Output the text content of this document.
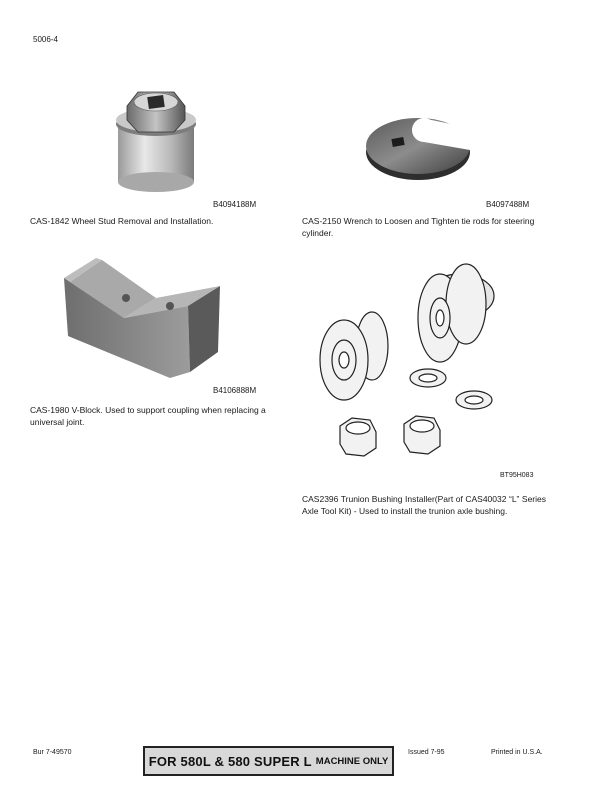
5006-4
B4094188M
CAS-1842 Wheel Stud Removal and Installation.
B4097488M
CAS-2150 Wrench to Loosen and Tighten tie rods for steering cylinder.
B4106888M
CAS-1980 V-Block. Used to support coupling when replacing a universal joint.
BT95H083
CAS2396 Trunion Bushing Installer(Part of CAS40032 “L” Series Axle Tool Kit) - Used to install the trunion axle bushing.
Bur 7-49570
FOR 580L & 580 SUPER L MACHINE ONLY
Issued 7-95	Printed in U.S.A.
